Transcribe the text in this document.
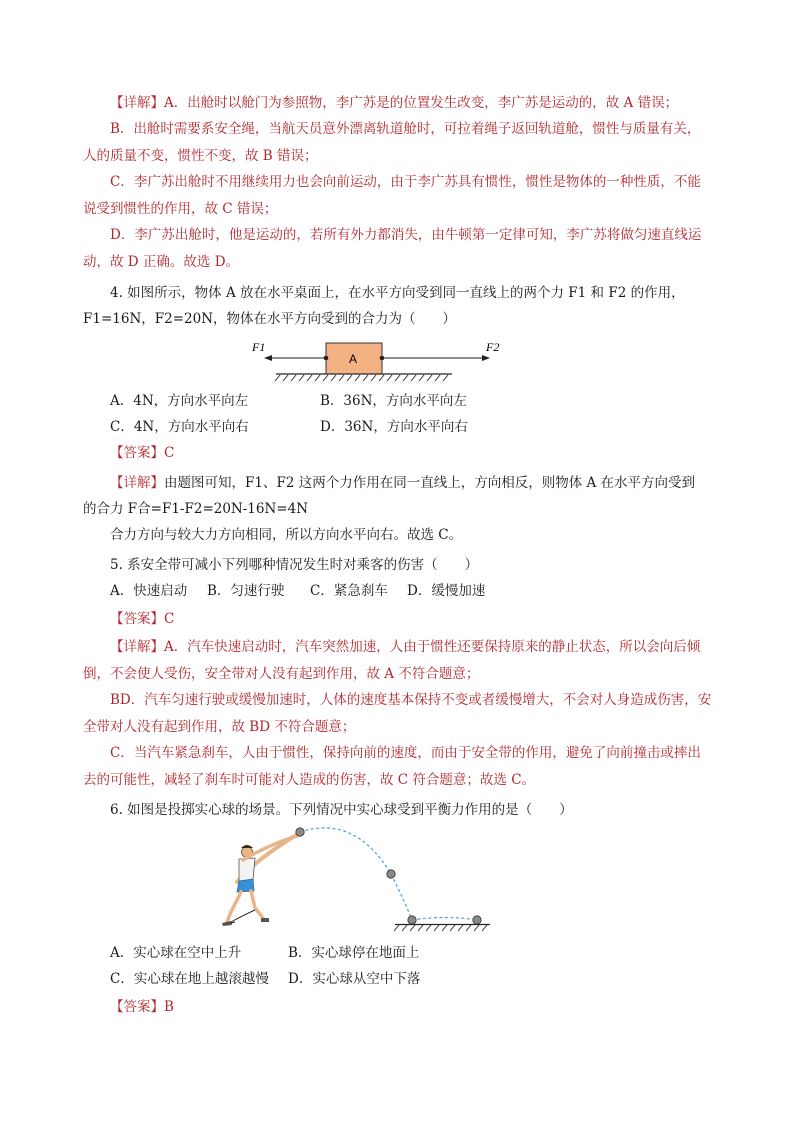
【详解】A．出舱时以舱门为参照物，李广苏是的位置发生改变，李广苏是运动的，故 A 错误；

B．出舱时需要系安全绳，当航天员意外漂离轨道舱时，可拉着绳子返回轨道舱，惯性与质量有关，人的质量不变，惯性不变，故 B 错误；

C．李广苏出舱时不用继续用力也会向前运动，由于李广苏具有惯性，惯性是物体的一种性质，不能说受到惯性的作用，故 C 错误；

D．李广苏出舱时，他是运动的，若所有外力都消失，由牛顿第一定律可知，李广苏将做匀速直线运动，故 D 正确。故选 D。

4. 如图所示，物体 A 放在水平桌面上，在水平方向受到同一直线上的两个力 F1 和 F2 的作用，

F1=16N，F2=20N，物体在水平方向受到的合力为（　　）

F1	F2
A
A．4N，方向水平向左	B．36N，方向水平向左
C．4N，方向水平向右	D．36N，方向水平向右

【答案】C

【详解】由题图可知，F1、F2 这两个力作用在同一直线上，方向相反，则物体 A 在水平方向受到

的合力 F合=F1-F2=20N-16N=4N

合力方向与较大力方向相同，所以方向水平向右。故选 C。

5. 系安全带可减小下列哪种情况发生时对乘客的伤害（　　）

A．快速启动 B．匀速行驶 C．紧急刹车 D．缓慢加速

【答案】C

【详解】A．汽车快速启动时，汽车突然加速，人由于惯性还要保持原来的静止状态，所以会向后倾倒，不会使人受伤，安全带对人没有起到作用，故 A 不符合题意；

BD．汽车匀速行驶或缓慢加速时，人体的速度基本保持不变或者缓慢增大，不会对人身造成伤害，安全带对人没有起到作用，故 BD 不符合题意；

C．当汽车紧急刹车，人由于惯性，保持向前的速度，而由于安全带的作用，避免了向前撞击或摔出去的可能性，减轻了刹车时可能对人造成的伤害，故 C 符合题意；故选 C。

6. 如图是投掷实心球的场景。下列情况中实心球受到平衡力作用的是（　　）

A．实心球在空中上升	B．实心球停在地面上
C．实心球在地上越滚越慢 D．实心球从空中下落

【答案】B
